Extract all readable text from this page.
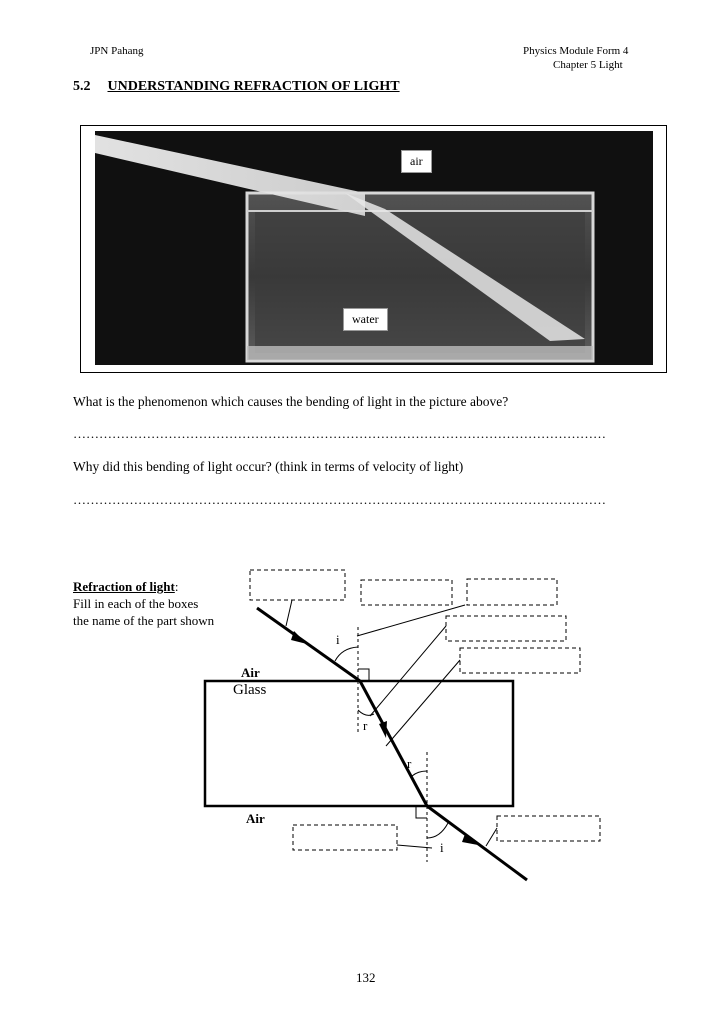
JPN Pahang	Physics Module Form 4
Chapter 5 Light
5.2 UNDERSTANDING REFRACTION OF LIGHT
air
water
What is the phenomenon which causes the bending of light in the picture above?
……………………………………………………………………………………………………………
Why did this bending of light occur? (think in terms of velocity of light)
……………………………………………………………………………………………………………
Refraction of light:
Fill in each of the boxes
the name of the part shown
Air
Glass
Air
i
r
r
i
132
